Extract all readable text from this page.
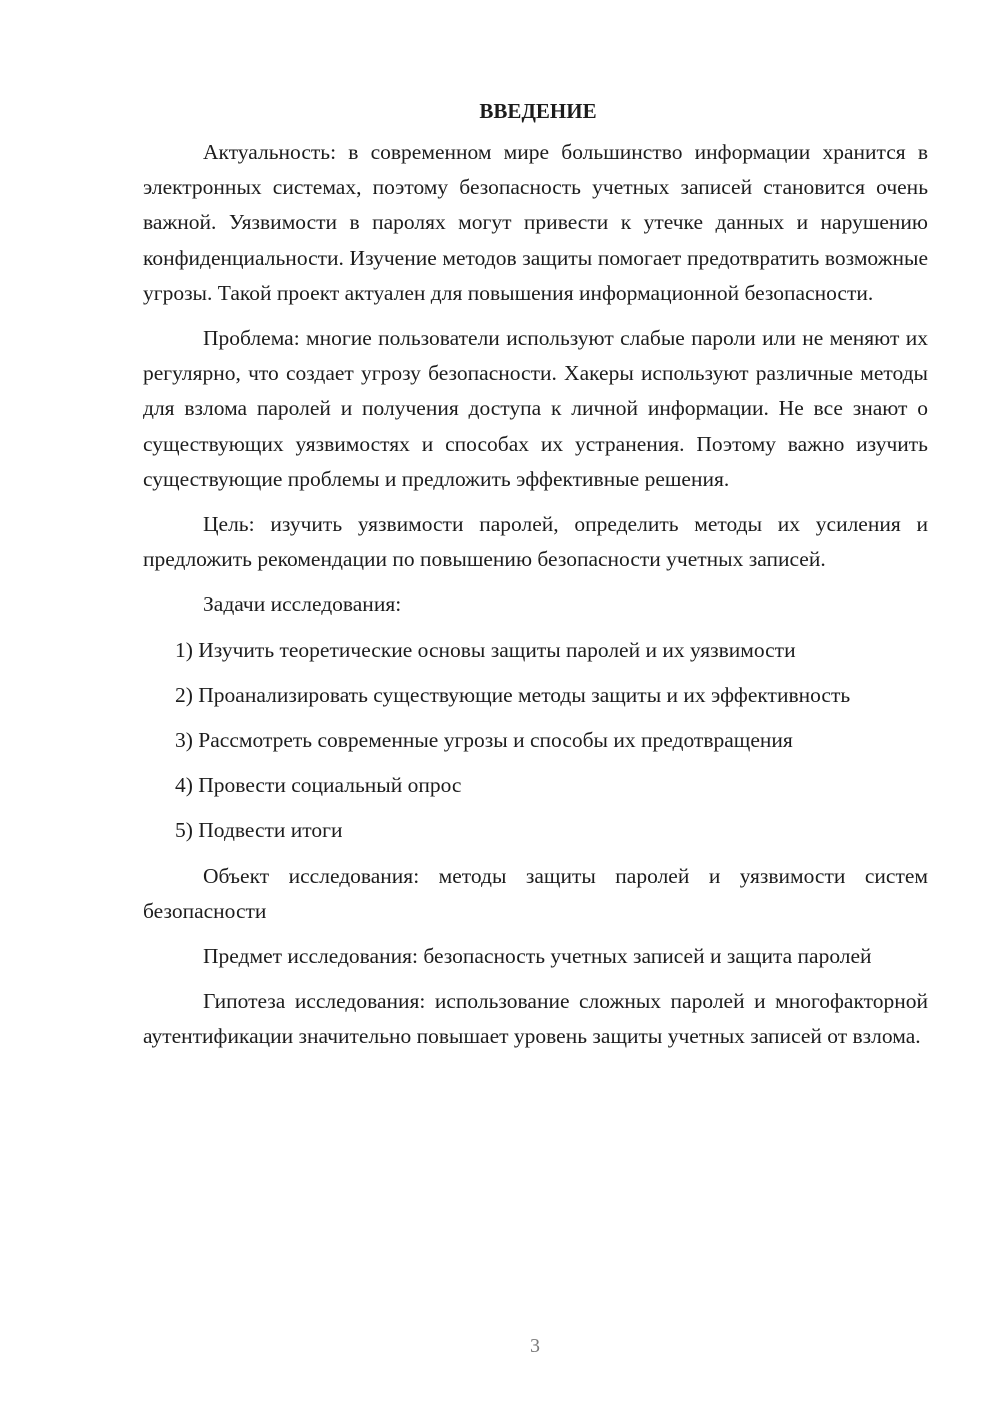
ВВЕДЕНИЕ

Актуальность: в современном мире большинство информации хранится в электронных системах, поэтому безопасность учетных записей становится очень важной. Уязвимости в паролях могут привести к утечке данных и нарушению конфиденциальности. Изучение методов защиты помогает предотвратить возможные угрозы. Такой проект актуален для повышения информационной безопасности.

Проблема: многие пользователи используют слабые пароли или не меняют их регулярно, что создает угрозу безопасности. Хакеры используют различные методы для взлома паролей и получения доступа к личной информации. Не все знают о существующих уязвимостях и способах их устранения. Поэтому важно изучить существующие проблемы и предложить эффективные решения.

Цель: изучить уязвимости паролей, определить методы их усиления и предложить рекомендации по повышению безопасности учетных записей.

Задачи исследования:

1) Изучить теоретические основы защиты паролей и их уязвимости

2) Проанализировать существующие методы защиты и их эффективность

3) Рассмотреть современные угрозы и способы их предотвращения

4) Провести социальный опрос

5) Подвести итоги

Объект исследования: методы защиты паролей и уязвимости систем безопасности

Предмет исследования: безопасность учетных записей и защита паролей

Гипотеза исследования: использование сложных паролей и многофакторной аутентификации значительно повышает уровень защиты учетных записей от взлома.

3
